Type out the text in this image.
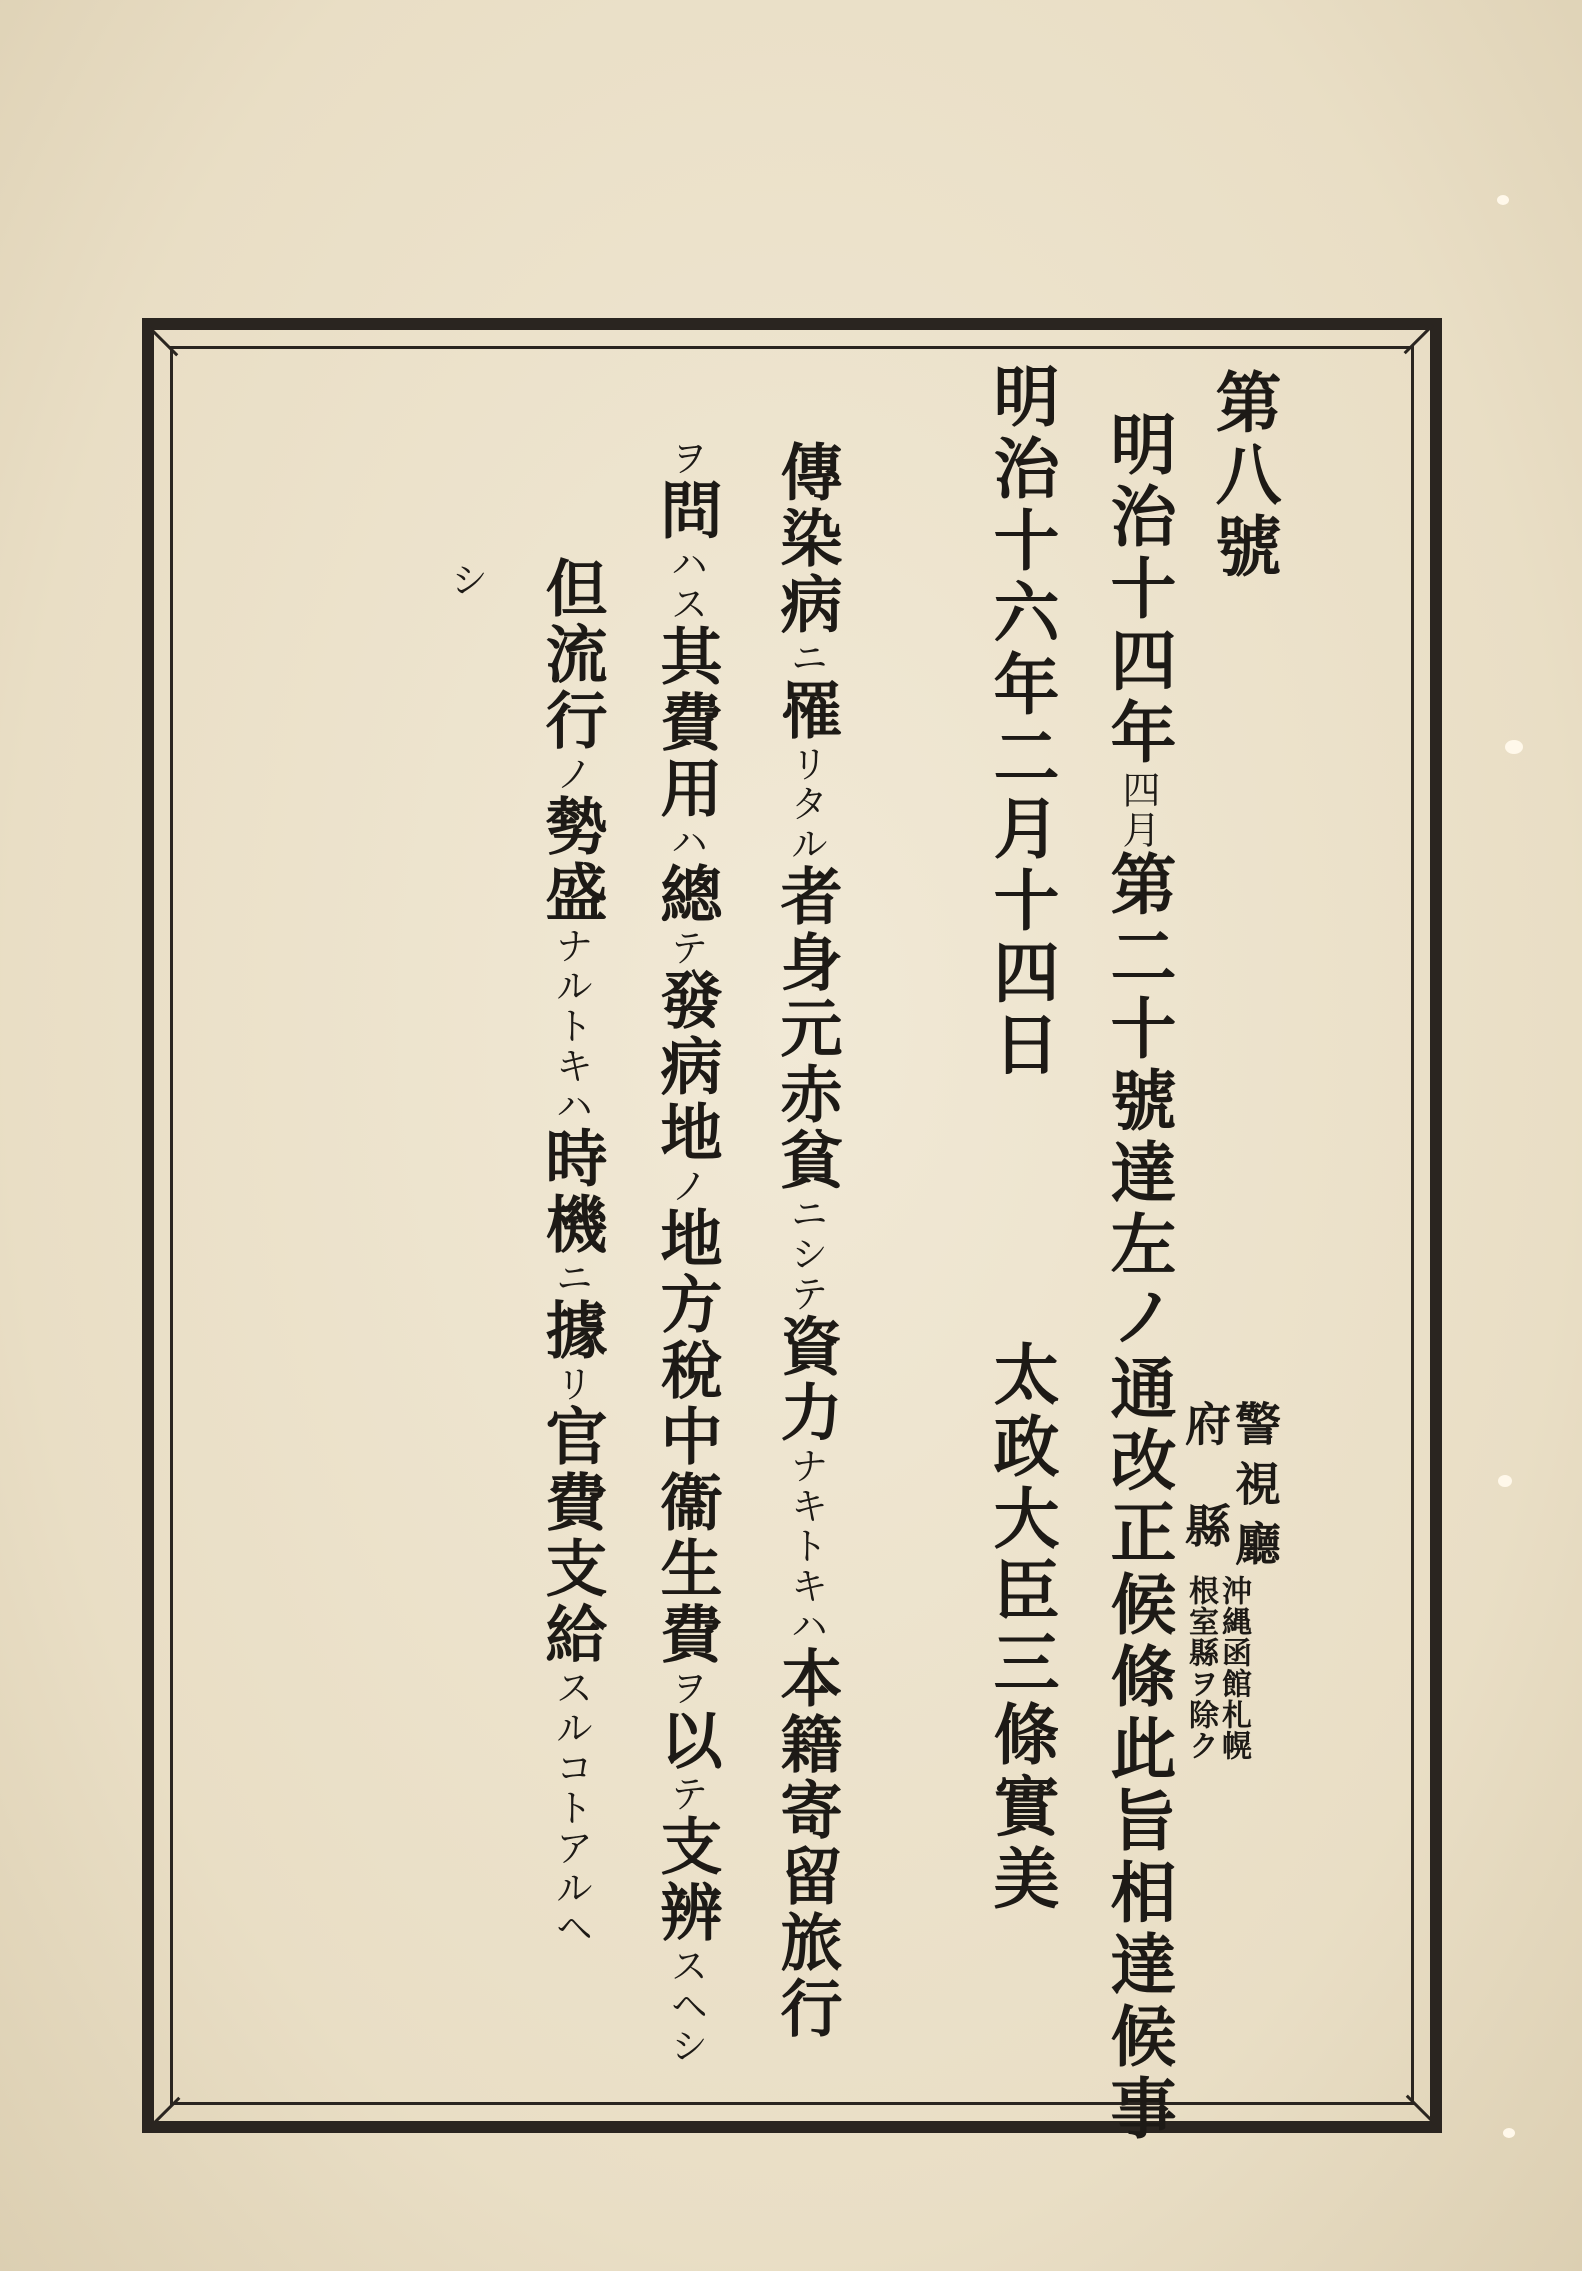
第八號
明治十四年四月第二十號達左ノ通改正候條此旨相達候事 警視廳
府縣
沖縄函館札幌
根室縣ヲ除ク
明治十六年二月十四日
太政大臣三條實美
傳染病ニ罹リタル者身元赤貧ニシテ資力ナキトキハ本籍寄留旅行
ヲ問ハス其費用ハ總テ發病地ノ地方稅中衞生費ヲ以テ支辨スヘシ
但流行ノ勢盛ナルトキハ時機ニ據リ官費支給スルコトアルヘ
シ
